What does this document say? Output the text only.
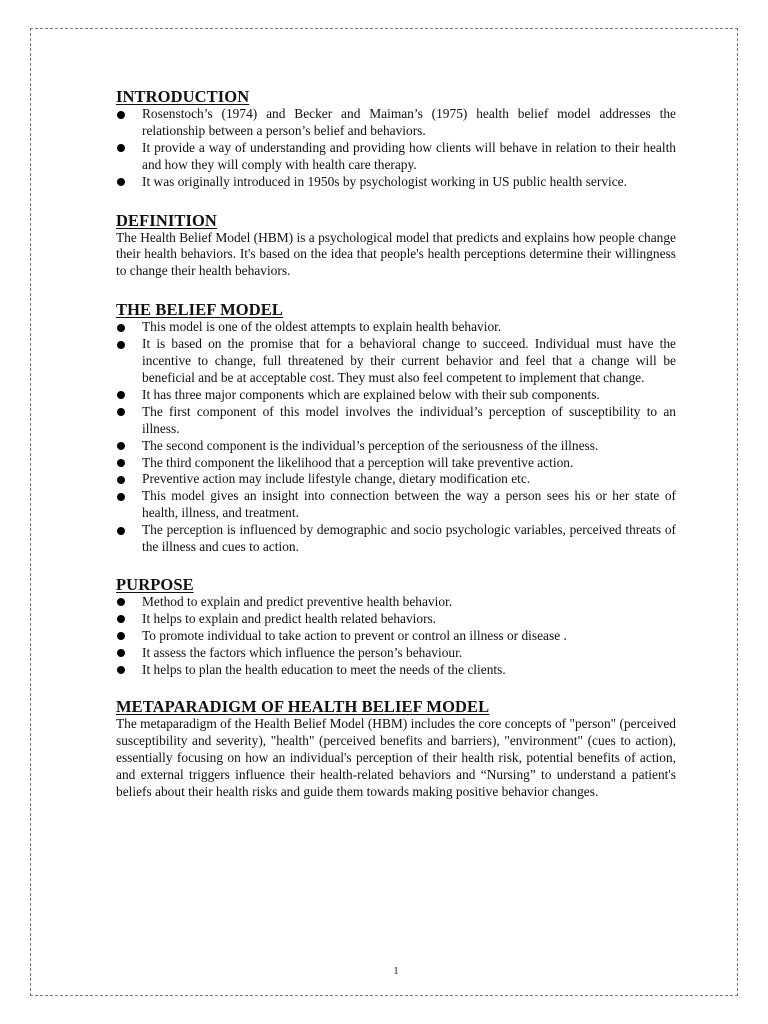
INTRODUCTION
Rosenstoch’s (1974) and Becker and Maiman’s (1975) health belief model addresses the relationship between a person’s belief and behaviors.
It provide a way of understanding and providing how clients will behave in relation to their health and how they will comply with health care therapy.
It was originally introduced in 1950s by psychologist working in US public health service.
DEFINITION

The Health Belief Model (HBM) is a psychological model that predicts and explains how people change their health behaviors. It's based on the idea that people's health perceptions determine their willingness to change their health behaviors.

THE BELIEF MODEL
This model is one of the oldest attempts to explain health behavior.
It is based on the promise that for a behavioral change to succeed. Individual must have the incentive to change, full threatened by their current behavior and feel that a change will be beneficial and be at acceptable cost. They must also feel competent to implement that change.
It has three major components which are explained below with their sub components.
The first component of this model involves the individual’s perception of susceptibility to an illness.
The second component is the individual’s perception of the seriousness of the illness.
The third component the likelihood that a perception will take preventive action.
Preventive action may include lifestyle change, dietary modification etc.
This model gives an insight into connection between the way a person sees his or her state of health, illness, and treatment.
The perception is influenced by demographic and socio psychologic variables, perceived threats of the illness and cues to action.
PURPOSE
Method to explain and predict preventive health behavior.
It helps to explain and predict health related behaviors.
To promote individual to take action to prevent or control an illness or disease .
It assess the factors which influence the person’s behaviour.
It helps to plan the health education to meet the needs of the clients.
METAPARADIGM OF HEALTH BELIEF MODEL

The metaparadigm of the Health Belief Model (HBM) includes the core concepts of "person" (perceived susceptibility and severity), "health" (perceived benefits and barriers), "environment" (cues to action), essentially focusing on how an individual's perception of their health risk, potential benefits of action, and external triggers influence their health-related behaviors and “Nursing” to understand a patient's beliefs about their health risks and guide them towards making positive behavior changes.

1
